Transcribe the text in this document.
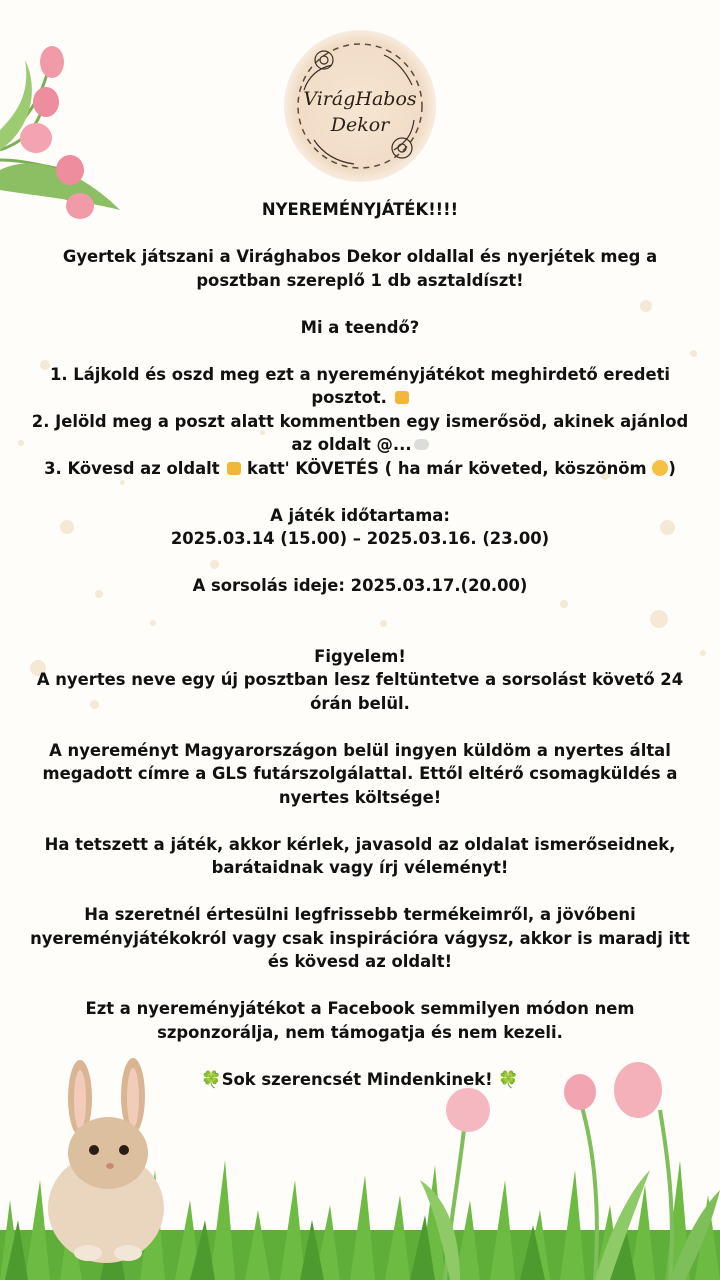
VirágHabos
Dekor

NYEREMÉNYJÁTÉK!!!!

Gyertek játszani a Virághabos Dekor oldallal és nyerjétek meg a

posztban szereplő 1 db asztaldíszt!

Mi a teendő?

1. Lájkold és oszd meg ezt a nyereményjátékot meghirdető eredeti

posztot.

2. Jelöld meg a poszt alatt kommentben egy ismerősöd, akinek ajánlod

az oldalt @...

3. Kövesd az oldalt katt' KÖVETÉS ( ha már követed, köszönöm )

A játék időtartama:

2025.03.14 (15.00) – 2025.03.16. (23.00)

A sorsolás ideje: 2025.03.17.(20.00)

Figyelem!

A nyertes neve egy új posztban lesz feltüntetve a sorsolást követő 24

órán belül.

A nyereményt Magyarországon belül ingyen küldöm a nyertes által

megadott címre a GLS futárszolgálattal. Ettől eltérő csomagküldés a

nyertes költsége!

Ha tetszett a játék, akkor kérlek, javasold az oldalat ismerőseidnek,

barátaidnak vagy írj véleményt!

Ha szeretnél értesülni legfrissebb termékeimről, a jövőbeni

nyereményjátékokról vagy csak inspirációra vágysz, akkor is maradj itt

és kövesd az oldalt!

Ezt a nyereményjátékot a Facebook semmilyen módon nem

szponzorálja, nem támogatja és nem kezeli.

🍀Sok szerencsét Mindenkinek! 🍀
